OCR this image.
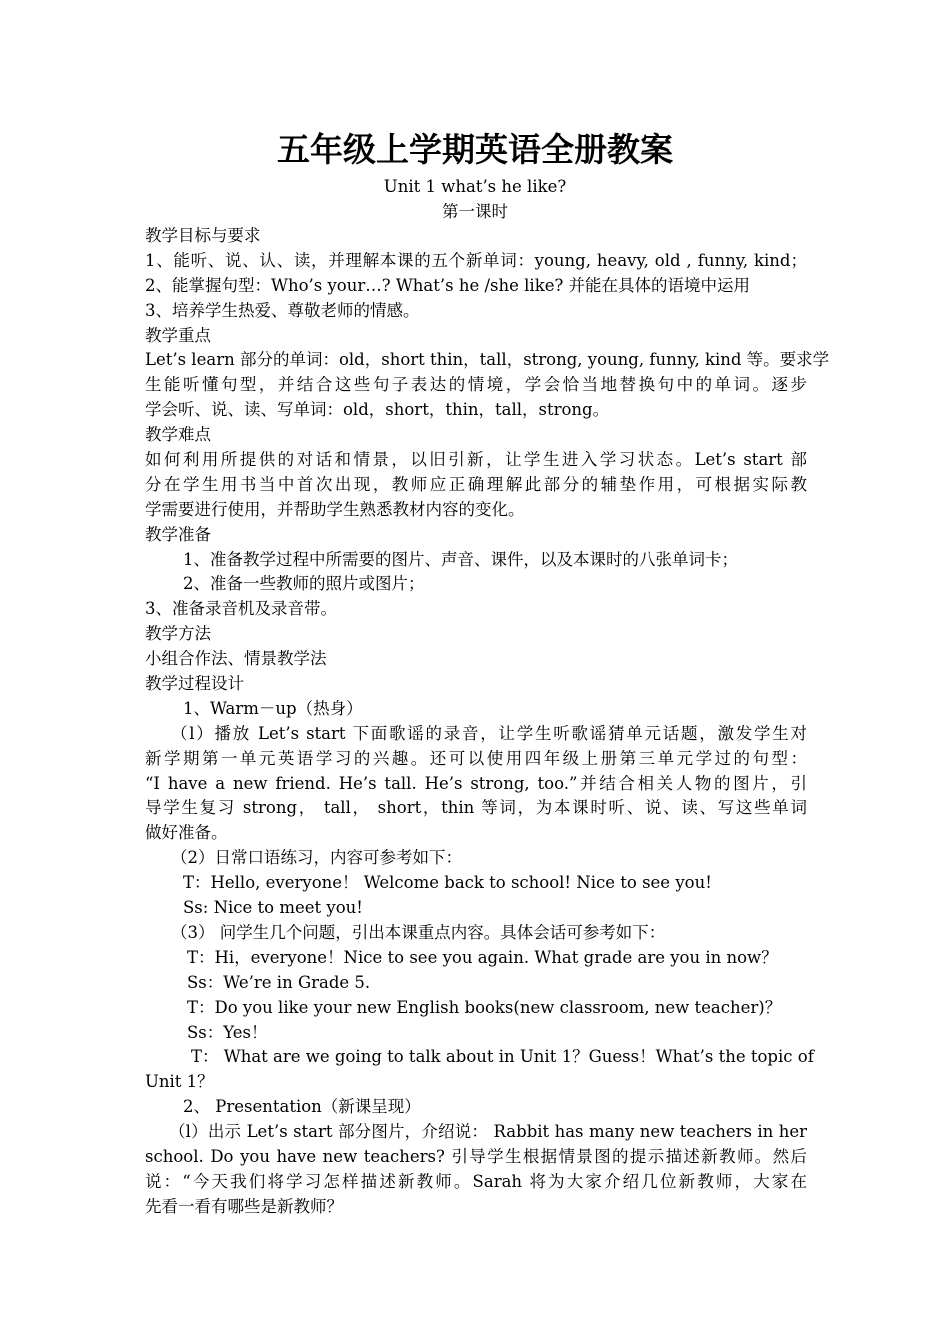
五年级上学期英语全册教案
Unit 1 what’s he like?
第一课时
教学目标与要求
1、能听、说、认、读，并理解本课的五个新单词：young, heavy, old , funny, kind；
2、能掌握句型：Who’s your…? What’s he /she like? 并能在具体的语境中运用
3、培养学生热爱、尊敬老师的情感。
教学重点
Let’s learn 部分的单词：old，short thin，tall，strong, young, funny, kind 等。要求学
生能听懂句型，并结合这些句子表达的情境，学会恰当地替换句中的单词。逐步
学会听、说、读、写单词：old，short，thin，tall，strong。
教学难点
如何利用所提供的对话和情景，以旧引新，让学生进入学习状态。Let’s start 部
分在学生用书当中首次出现，教师应正确理解此部分的辅垫作用，可根据实际教
学需要进行使用，并帮助学生熟悉教材内容的变化。
教学准备
1、准备教学过程中所需要的图片、声音、课件，以及本课时的八张单词卡；
2、准备一些教师的照片或图片；
3、准备录音机及录音带。
教学方法
小组合作法、情景教学法
教学过程设计
1、Warm－up（热身）
（l）播放 Let’s start 下面歌谣的录音，让学生听歌谣猜单元话题，激发学生对
新学期第一单元英语学习的兴趣。还可以使用四年级上册第三单元学过的句型：
“I have a new friend. He’s tall. He’s strong, too.”并结合相关人物的图片，引
导学生复习 strong， tall， short，thin 等词，为本课时听、说、读、写这些单词
做好准备。
（2）日常口语练习，内容可参考如下：
T：Hello, everyone！ Welcome back to school! Nice to see you!
Ss: Nice to meet you!
（3） 问学生几个问题，引出本课重点内容。具体会话可参考如下：
T：Hi，everyone！Nice to see you again. What grade are you in now？
Ss：We’re in Grade 5.
T：Do you like your new English books(new classroom, new teacher)？
Ss：Yes！
T： What are we going to talk about in Unit 1？Guess！What’s the topic of
Unit 1？
2、 Presentation（新课呈现）
（l）出示 Let’s start 部分图片，介绍说： Rabbit has many new teachers in her
school. Do you have new teachers? 引导学生根据情景图的提示描述新教师。然后
说：“今天我们将学习怎样描述新教师。Sarah 将为大家介绍几位新教师，大家在
先看一看有哪些是新教师？
